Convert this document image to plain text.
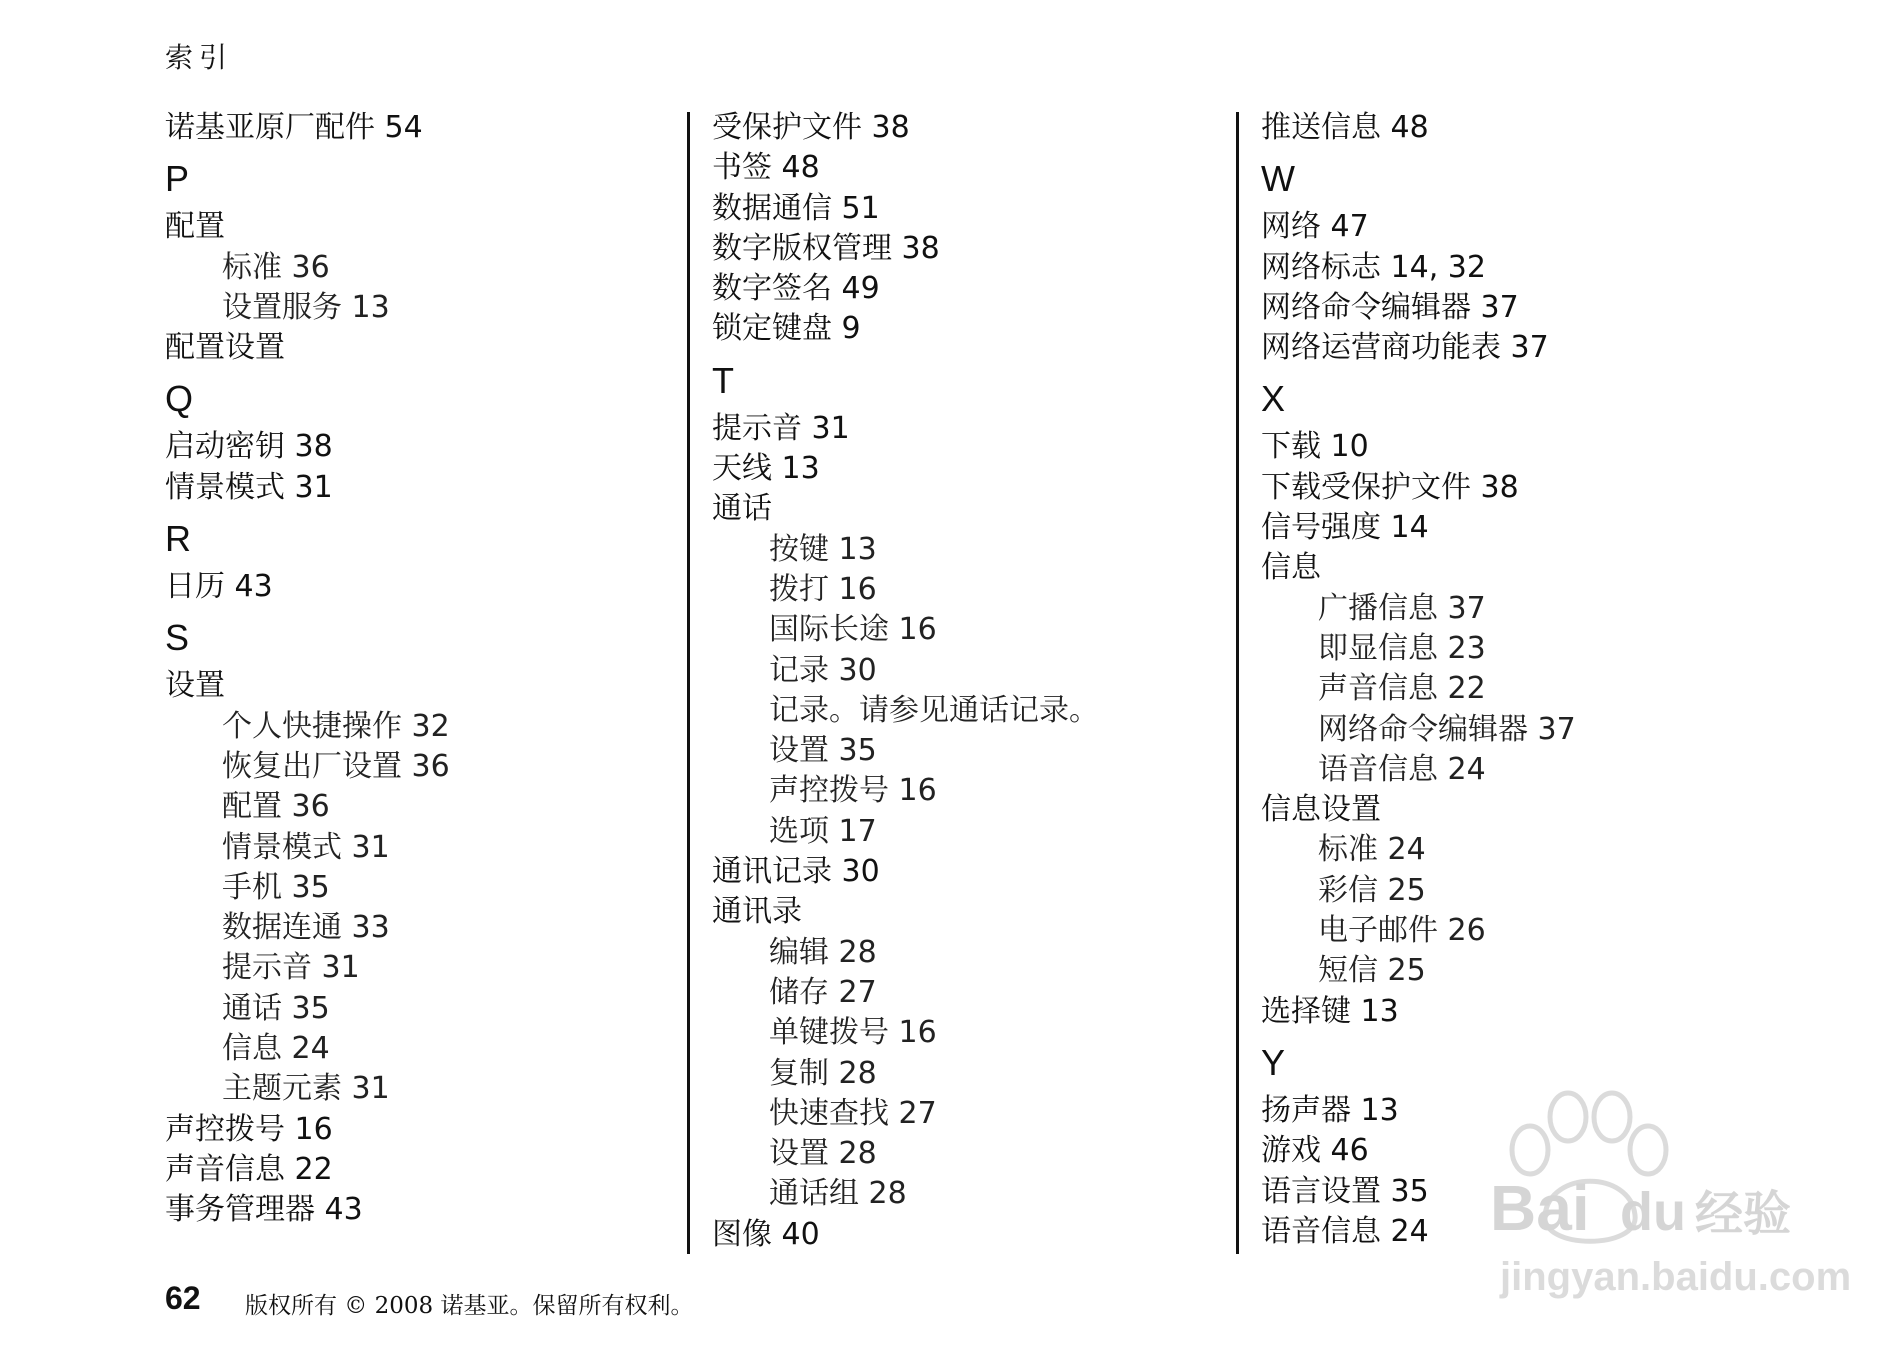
索引
诺基亚原厂配件 54
P
配置
标准 36
设置服务 13
配置设置
Q
启动密钥 38
情景模式 31
R
日历 43
S
设置
个人快捷操作 32
恢复出厂设置 36
配置 36
情景模式 31
手机 35
数据连通 33
提示音 31
通话 35
信息 24
主题元素 31
声控拨号 16
声音信息 22
事务管理器 43
受保护文件 38
书签 48
数据通信 51
数字版权管理 38
数字签名 49
锁定键盘 9
T
提示音 31
天线 13
通话
按键 13
拨打 16
国际长途 16
记录 30
记录。请参见通话记录。
设置 35
声控拨号 16
选项 17
通讯记录 30
通讯录
编辑 28
储存 27
单键拨号 16
复制 28
快速查找 27
设置 28
通话组 28
图像 40
推送信息 48
W
网络 47
网络标志 14, 32
网络命令编辑器 37
网络运营商功能表 37
X
下载 10
下载受保护文件 38
信号强度 14
信息
广播信息 37
即显信息 23
声音信息 22
网络命令编辑器 37
语音信息 24
信息设置
标准 24
彩信 25
电子邮件 26
短信 25
选择键 13
Y
扬声器 13
游戏 46
语言设置 35
语音信息 24
62 版权所有 © 2008 诺基亚。保留所有权利。
Bai du 经验
jingyan.baidu.com
